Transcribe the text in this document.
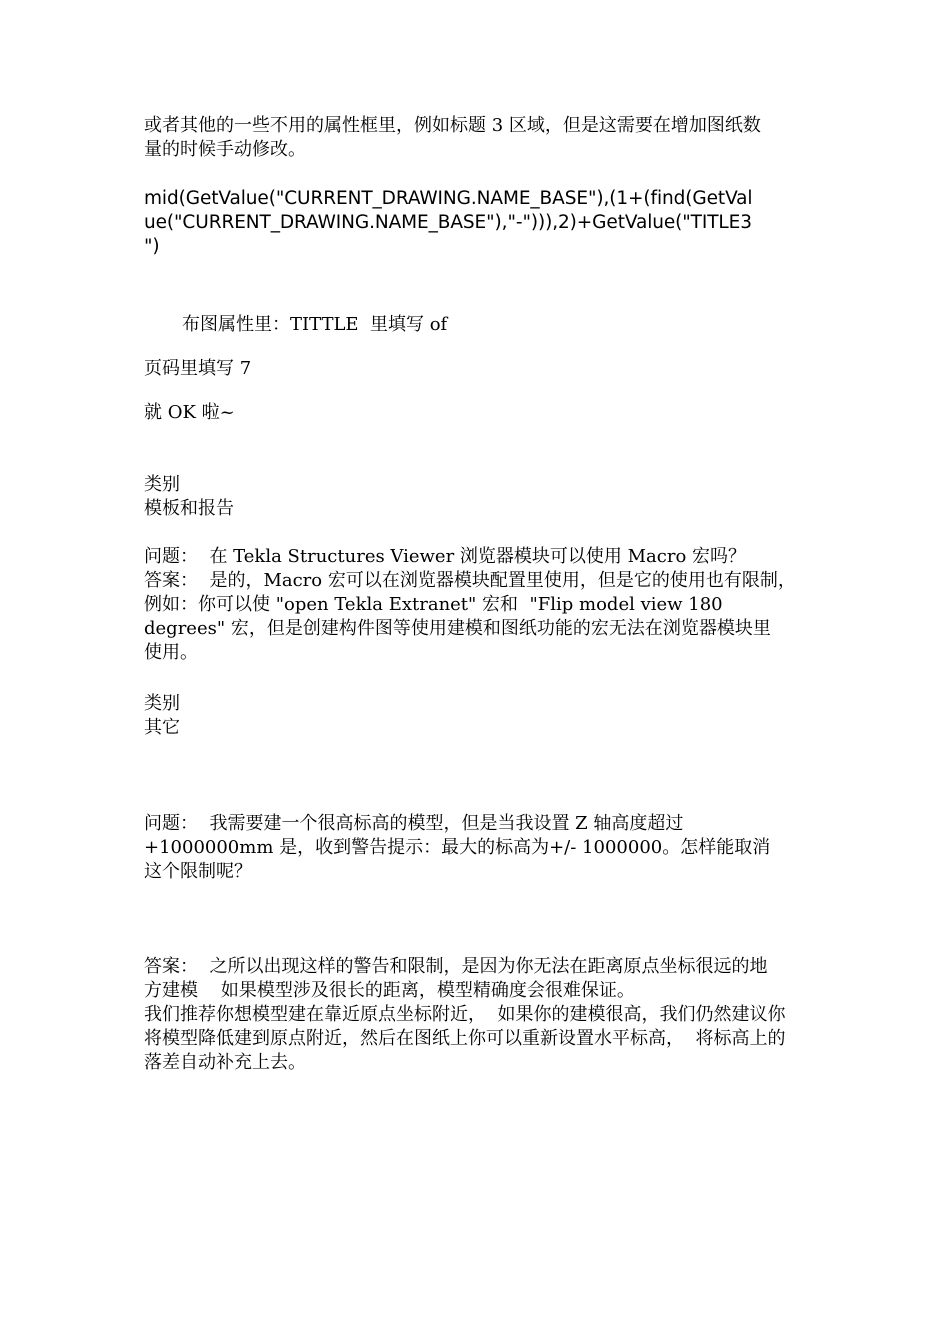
或者其他的一些不用的属性框里，例如标题 3 区域，但是这需要在增加图纸数
量的时候手动修改。
mid(GetValue("CURRENT_DRAWING.NAME_BASE"),(1+(find(GetVal
ue("CURRENT_DRAWING.NAME_BASE"),"-"))),2)+GetValue("TITLE3
")
布图属性里：TITTLE  里填写 of
页码里填写 7
就 OK 啦~
类别
模板和报告
问题：  在 Tekla Structures Viewer 浏览器模块可以使用 Macro 宏吗？
答案：  是的，Macro 宏可以在浏览器模块配置里使用，但是它的使用也有限制，
例如：你可以使 "open Tekla Extranet" 宏和  "Flip model view 180
degrees" 宏，但是创建构件图等使用建模和图纸功能的宏无法在浏览器模块里
使用。
类别
其它
问题：  我需要建一个很高标高的模型，但是当我设置 Z 轴高度超过
+1000000mm 是，收到警告提示：最大的标高为+/- 1000000。怎样能取消
这个限制呢？
答案：  之所以出现这样的警告和限制，是因为你无法在距离原点坐标很远的地
方建模    如果模型涉及很长的距离，模型精确度会很难保证。
我们推荐你想模型建在靠近原点坐标附近，  如果你的建模很高，我们仍然建议你
将模型降低建到原点附近，然后在图纸上你可以重新设置水平标高，  将标高上的
落差自动补充上去。
